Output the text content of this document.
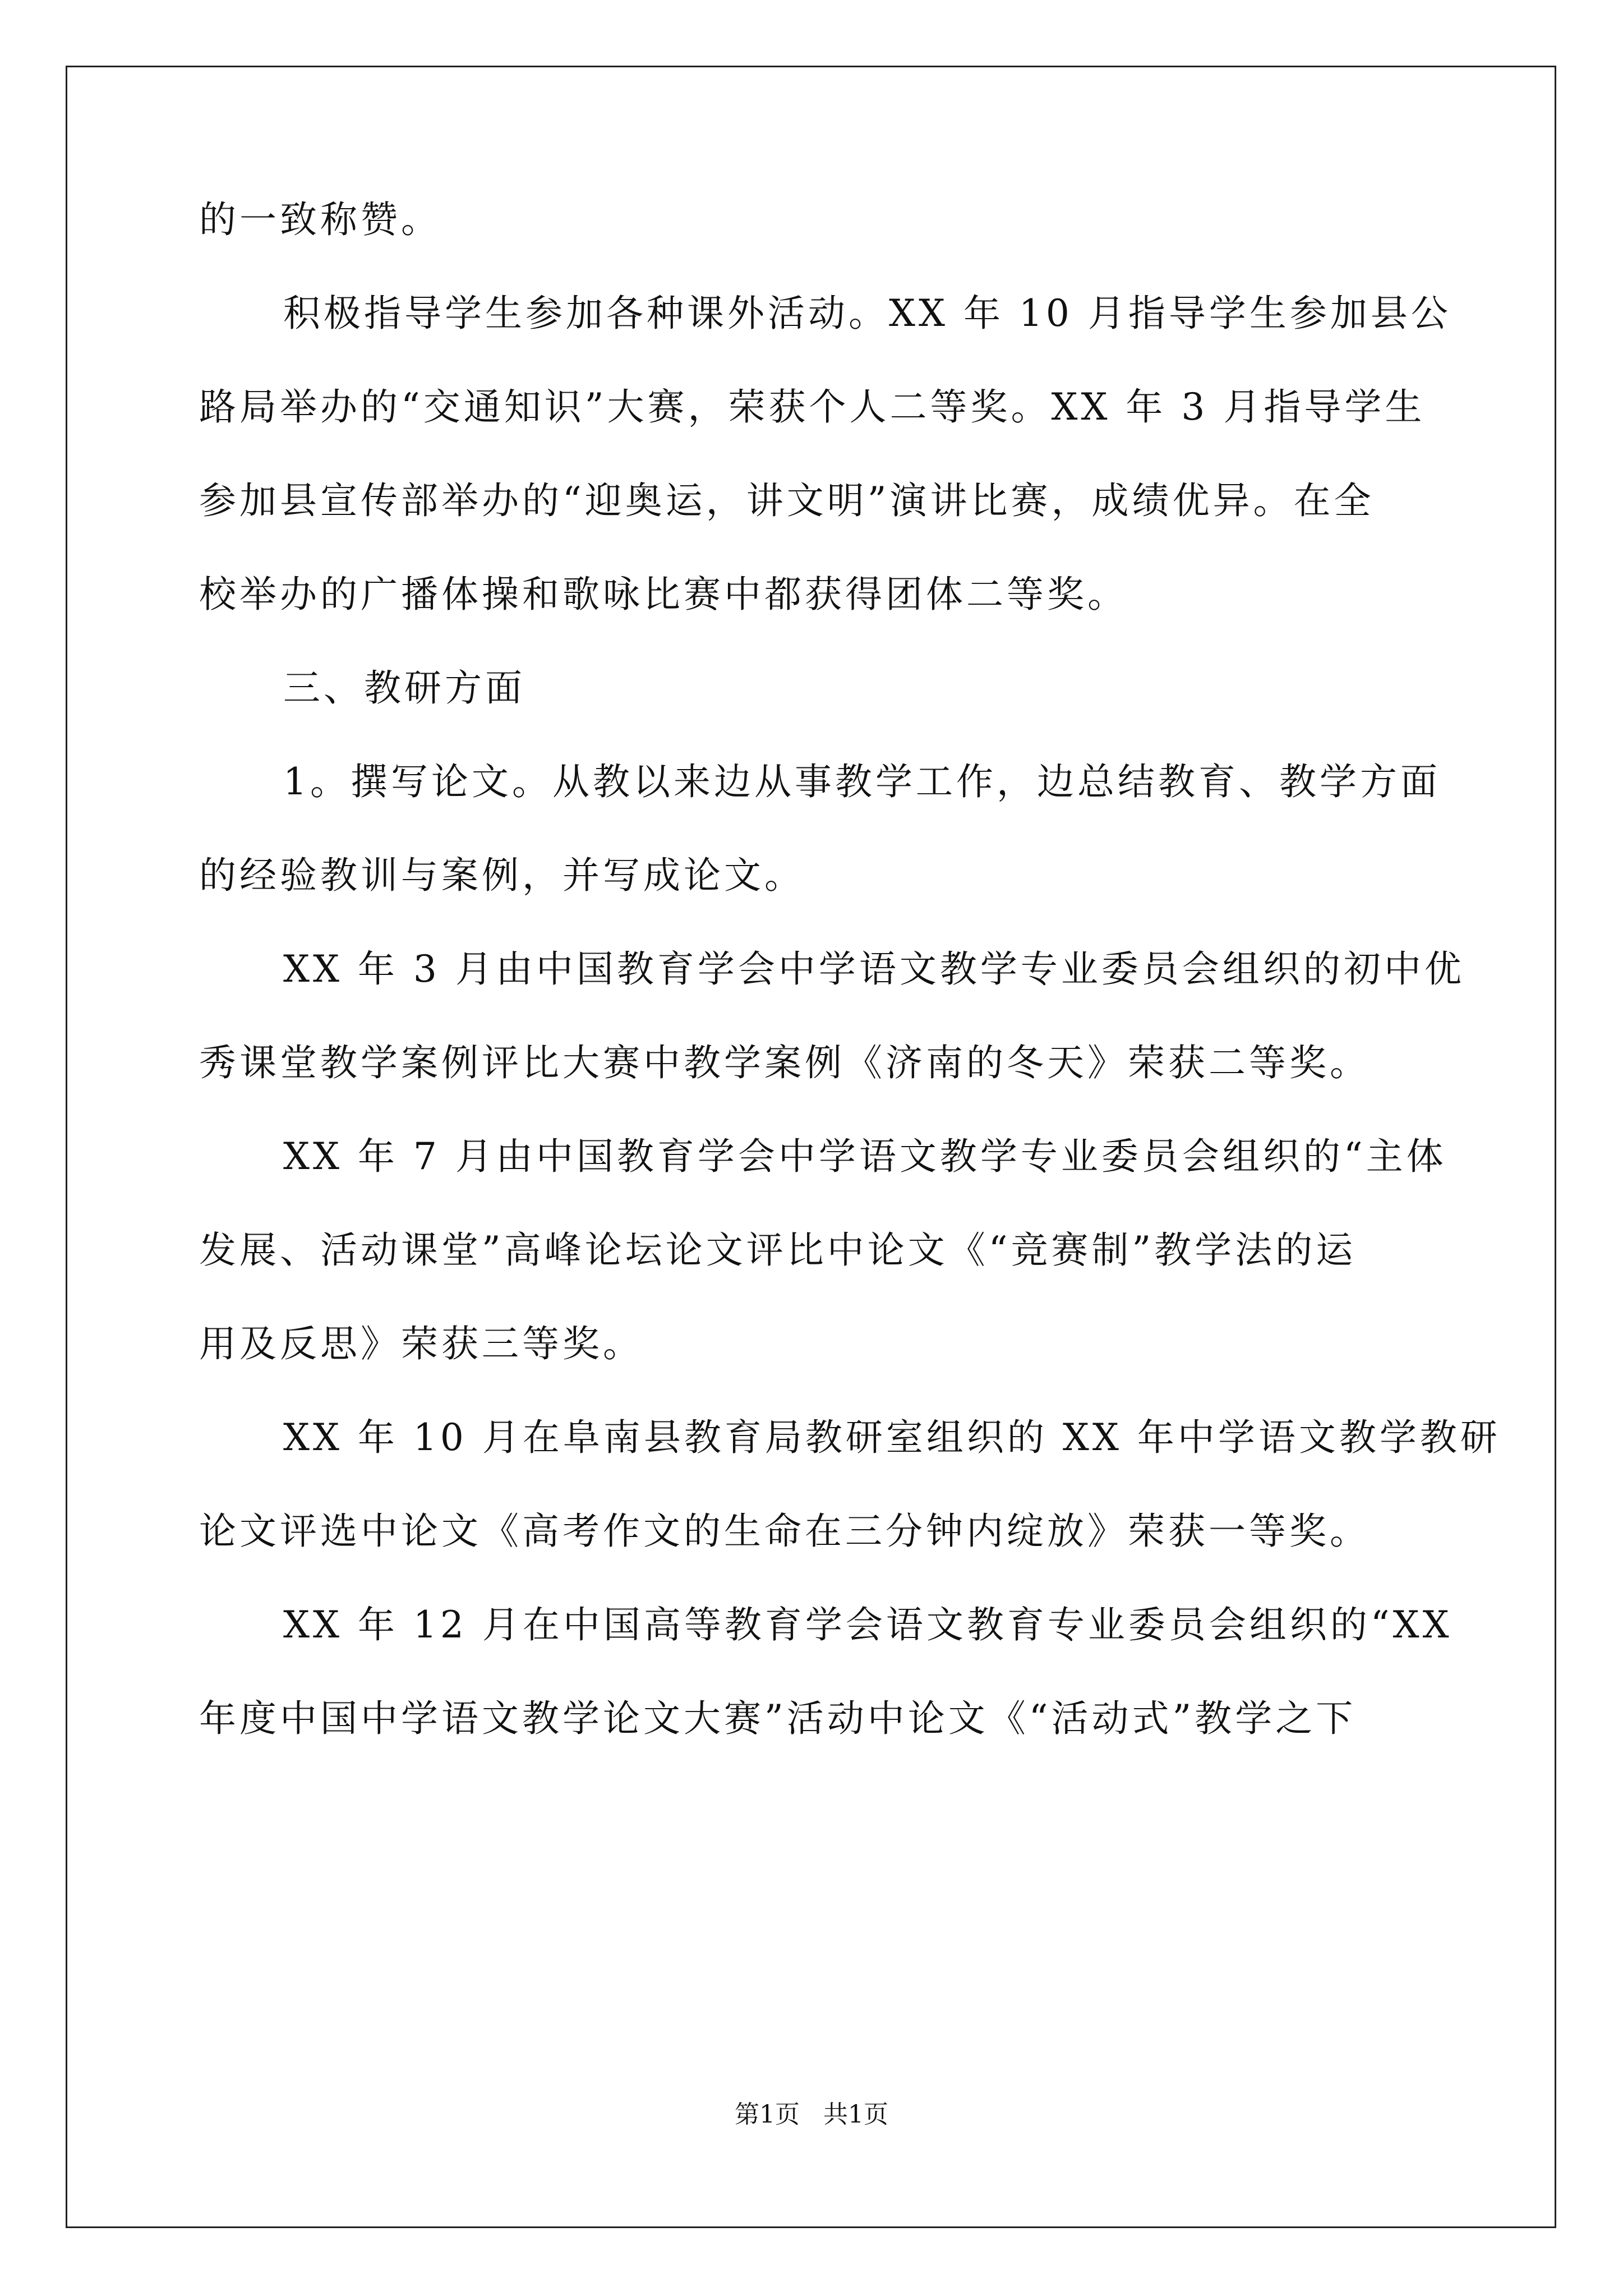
的一致称赞。
积极指导学生参加各种课外活动。XX 年 10 月指导学生参加县公
路局举办的“交通知识”大赛，荣获个人二等奖。XX 年 3 月指导学生
参加县宣传部举办的“迎奥运，讲文明”演讲比赛，成绩优异。在全
校举办的广播体操和歌咏比赛中都获得团体二等奖。
三、教研方面
1。撰写论文。从教以来边从事教学工作，边总结教育、教学方面
的经验教训与案例，并写成论文。
XX 年 3 月由中国教育学会中学语文教学专业委员会组织的初中优
秀课堂教学案例评比大赛中教学案例《济南的冬天》荣获二等奖。
XX 年 7 月由中国教育学会中学语文教学专业委员会组织的“主体
发展、活动课堂”高峰论坛论文评比中论文《“竞赛制”教学法的运
用及反思》荣获三等奖。
XX 年 10 月在阜南县教育局教研室组织的 XX 年中学语文教学教研
论文评选中论文《高考作文的生命在三分钟内绽放》荣获一等奖。
XX 年 12 月在中国高等教育学会语文教育专业委员会组织的“XX
年度中国中学语文教学论文大赛”活动中论文《“活动式”教学之下
第1页   共1页
